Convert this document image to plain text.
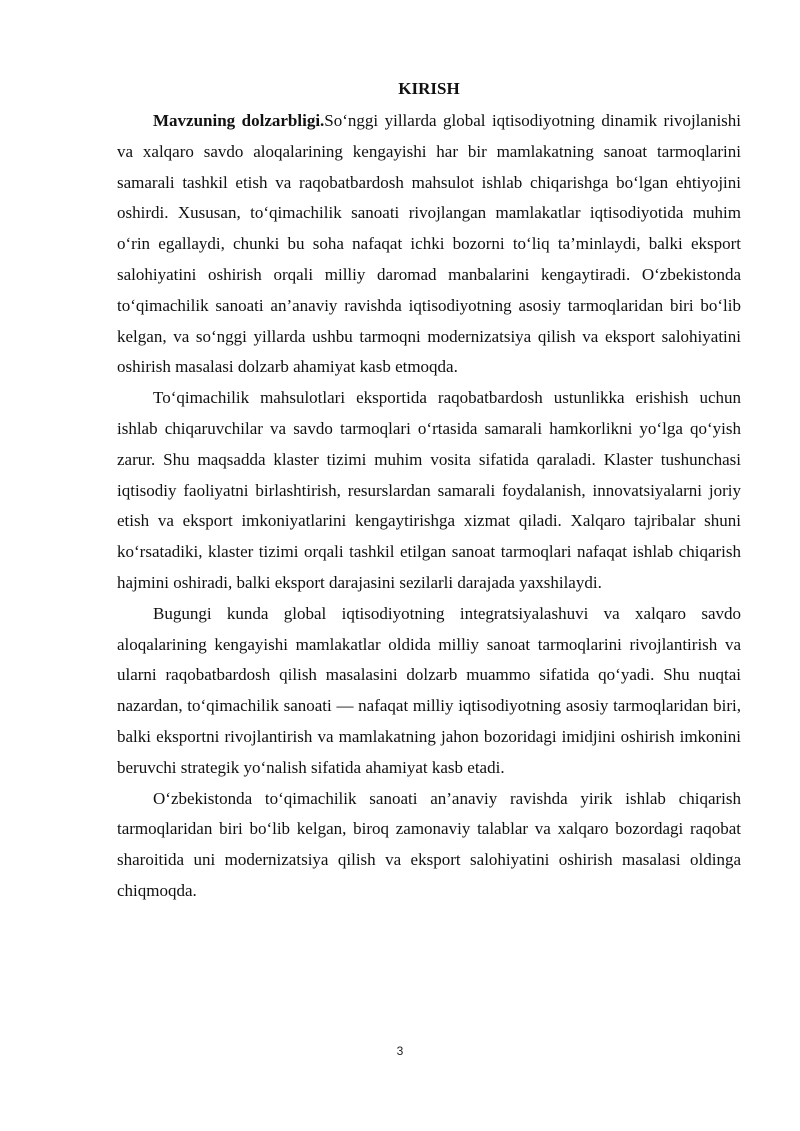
KIRISH

Mavzuning dolzarbligi.So‘nggi yillarda global iqtisodiyotning dinamik rivojlanishi va xalqaro savdo aloqalarining kengayishi har bir mamlakatning sanoat tarmoqlarini samarali tashkil etish va raqobatbardosh mahsulot ishlab chiqarishga bo‘lgan ehtiyojini oshirdi. Xususan, to‘qimachilik sanoati rivojlangan mamlakatlar iqtisodiyotida muhim o‘rin egallaydi, chunki bu soha nafaqat ichki bozorni to‘liq ta’minlaydi, balki eksport salohiyatini oshirish orqali milliy daromad manbalarini kengaytiradi. O‘zbekistonda to‘qimachilik sanoati an’anaviy ravishda iqtisodiyotning asosiy tarmoqlaridan biri bo‘lib kelgan, va so‘nggi yillarda ushbu tarmoqni modernizatsiya qilish va eksport salohiyatini oshirish masalasi dolzarb ahamiyat kasb etmoqda.

To‘qimachilik mahsulotlari eksportida raqobatbardosh ustunlikka erishish uchun ishlab chiqaruvchilar va savdo tarmoqlari o‘rtasida samarali hamkorlikni yo‘lga qo‘yish zarur. Shu maqsadda klaster tizimi muhim vosita sifatida qaraladi. Klaster tushunchasi iqtisodiy faoliyatni birlashtirish, resurslardan samarali foydalanish, innovatsiyalarni joriy etish va eksport imkoniyatlarini kengaytirishga xizmat qiladi. Xalqaro tajribalar shuni ko‘rsatadiki, klaster tizimi orqali tashkil etilgan sanoat tarmoqlari nafaqat ishlab chiqarish hajmini oshiradi, balki eksport darajasini sezilarli darajada yaxshilaydi.

Bugungi kunda global iqtisodiyotning integratsiyalashuvi va xalqaro savdo aloqalarining kengayishi mamlakatlar oldida milliy sanoat tarmoqlarini rivojlantirish va ularni raqobatbardosh qilish masalasini dolzarb muammo sifatida qo‘yadi. Shu nuqtai nazardan, to‘qimachilik sanoati — nafaqat milliy iqtisodiyotning asosiy tarmoqlaridan biri, balki eksportni rivojlantirish va mamlakatning jahon bozoridagi imidjini oshirish imkonini beruvchi strategik yo‘nalish sifatida ahamiyat kasb etadi.

O‘zbekistonda to‘qimachilik sanoati an’anaviy ravishda yirik ishlab chiqarish tarmoqlaridan biri bo‘lib kelgan, biroq zamonaviy talablar va xalqaro bozordagi raqobat sharoitida uni modernizatsiya qilish va eksport salohiyatini oshirish masalasi oldinga chiqmoqda.

3
